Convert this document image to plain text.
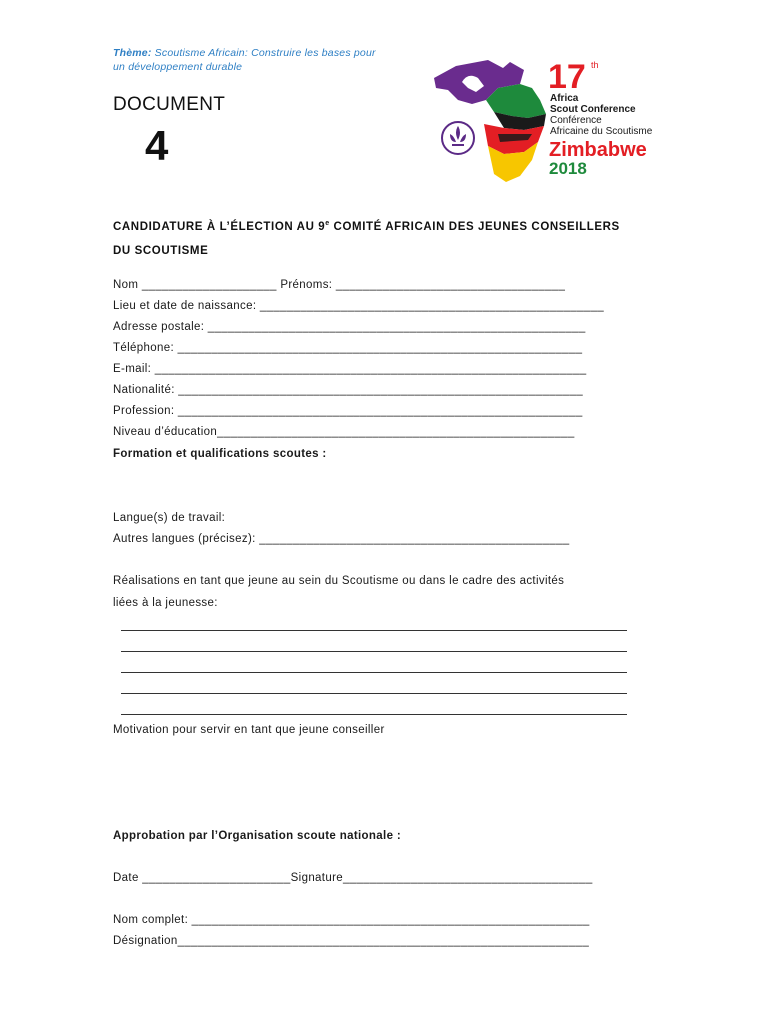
Thème: Scoutisme Africain: Construire les bases pour
un développement durable
DOCUMENT
4
17 th
Africa
Scout Conference
Conférence
Africaine du Scoutisme
Zimbabwe
2018
CANDIDATURE À L’ÉLECTION AU 9e COMITÉ AFRICAIN DES JEUNES CONSEILLERS
DU SCOUTISME
Nom ____________________ Prénoms: __________________________________
Lieu et date de naissance: ___________________________________________________
Adresse postale: ________________________________________________________
Téléphone: ____________________________________________________________
E-mail: ________________________________________________________________
Nationalité: ____________________________________________________________
Profession: ____________________________________________________________
Niveau d’éducation_____________________________________________________
Formation et qualifications scoutes :
Langue(s) de travail:
Autres langues (précisez): ______________________________________________
Réalisations en tant que jeune au sein du Scoutisme ou dans le cadre des activités
liées à la jeunesse:
Motivation pour servir en tant que jeune conseiller
Approbation par l’Organisation scoute nationale :
Date ______________________Signature_____________________________________
Nom complet: ___________________________________________________________
Désignation_____________________________________________________________
